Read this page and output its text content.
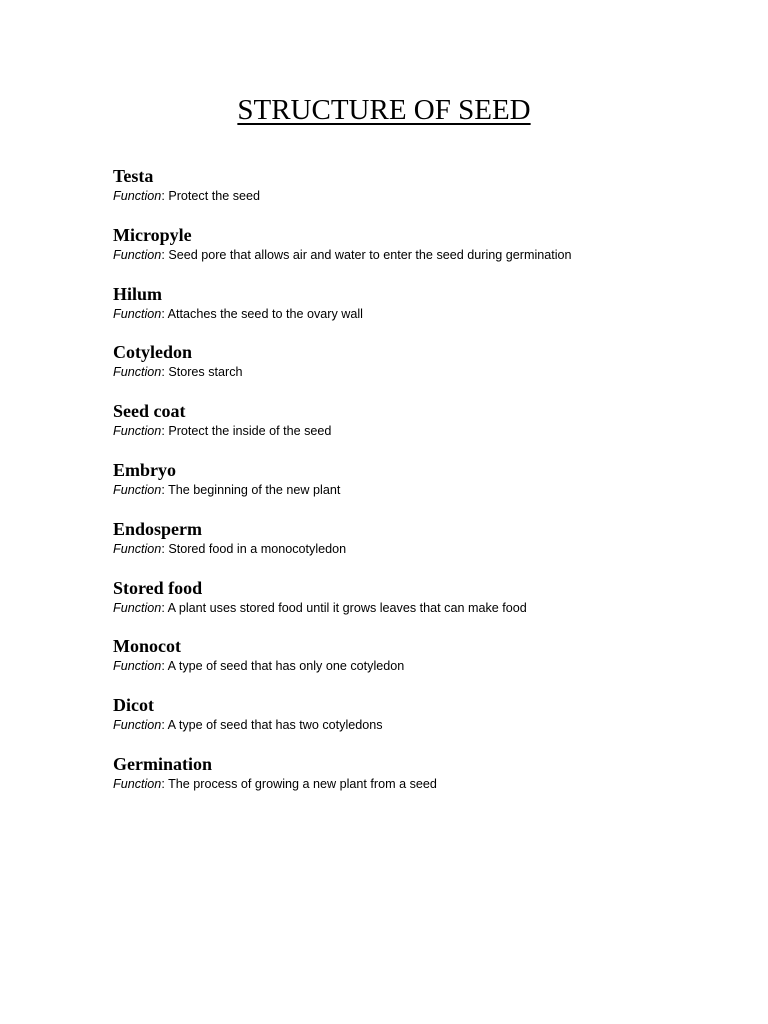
STRUCTURE OF SEED
Testa
Function: Protect the seed
Micropyle
Function: Seed pore that allows air and water to enter the seed during germination
Hilum
Function: Attaches the seed to the ovary wall
Cotyledon
Function: Stores starch
Seed coat
Function: Protect the inside of the seed
Embryo
Function: The beginning of the new plant
Endosperm
Function: Stored food in a monocotyledon
Stored food
Function: A plant uses stored food until it grows leaves that can make food
Monocot
Function: A type of seed that has only one cotyledon
Dicot
Function: A type of seed that has two cotyledons
Germination
Function: The process of growing a new plant from a seed
